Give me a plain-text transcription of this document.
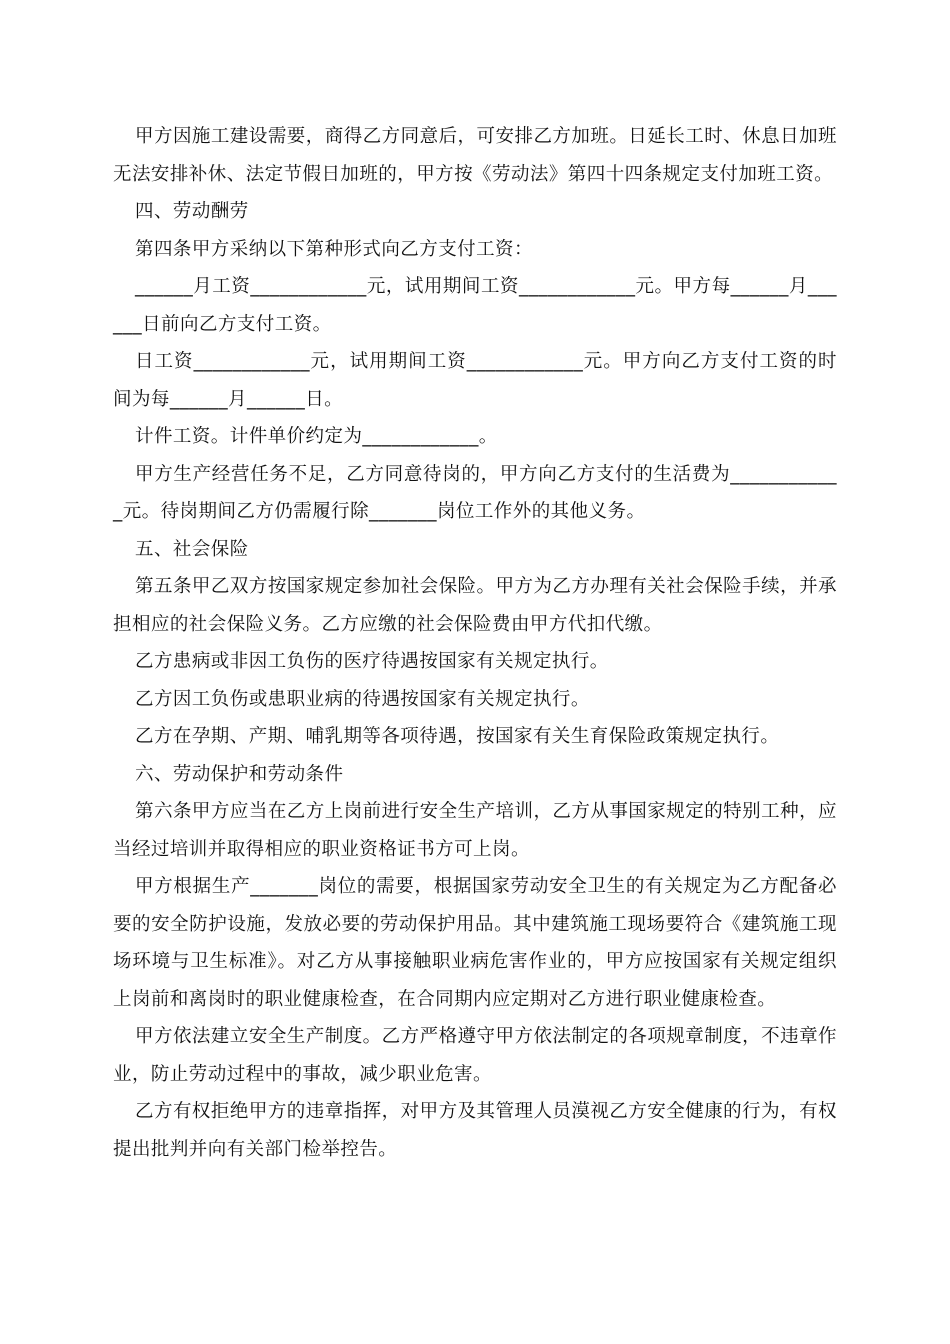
甲方因施工建设需要，商得乙方同意后，可安排乙方加班。日延长工时、休息日加班无法安排补休、法定节假日加班的，甲方按《劳动法》第四十四条规定支付加班工资。

四、劳动酬劳

第四条甲方采纳以下第种形式向乙方支付工资：

______月工资____________元，试用期间工资____________元。甲方每______月______日前向乙方支付工资。

日工资____________元，试用期间工资____________元。甲方向乙方支付工资的时间为每______月______日。

计件工资。计件单价约定为____________。

甲方生产经营任务不足，乙方同意待岗的，甲方向乙方支付的生活费为____________元。待岗期间乙方仍需履行除_______岗位工作外的其他义务。

五、社会保险

第五条甲乙双方按国家规定参加社会保险。甲方为乙方办理有关社会保险手续，并承担相应的社会保险义务。乙方应缴的社会保险费由甲方代扣代缴。

乙方患病或非因工负伤的医疗待遇按国家有关规定执行。

乙方因工负伤或患职业病的待遇按国家有关规定执行。

乙方在孕期、产期、哺乳期等各项待遇，按国家有关生育保险政策规定执行。

六、劳动保护和劳动条件

第六条甲方应当在乙方上岗前进行安全生产培训，乙方从事国家规定的特别工种，应当经过培训并取得相应的职业资格证书方可上岗。

甲方根据生产_______岗位的需要，根据国家劳动安全卫生的有关规定为乙方配备必要的安全防护设施，发放必要的劳动保护用品。其中建筑施工现场要符合《建筑施工现场环境与卫生标准》。对乙方从事接触职业病危害作业的，甲方应按国家有关规定组织上岗前和离岗时的职业健康检查，在合同期内应定期对乙方进行职业健康检查。

甲方依法建立安全生产制度。乙方严格遵守甲方依法制定的各项规章制度，不违章作业，防止劳动过程中的事故，减少职业危害。

乙方有权拒绝甲方的违章指挥，对甲方及其管理人员漠视乙方安全健康的行为，有权提出批判并向有关部门检举控告。
